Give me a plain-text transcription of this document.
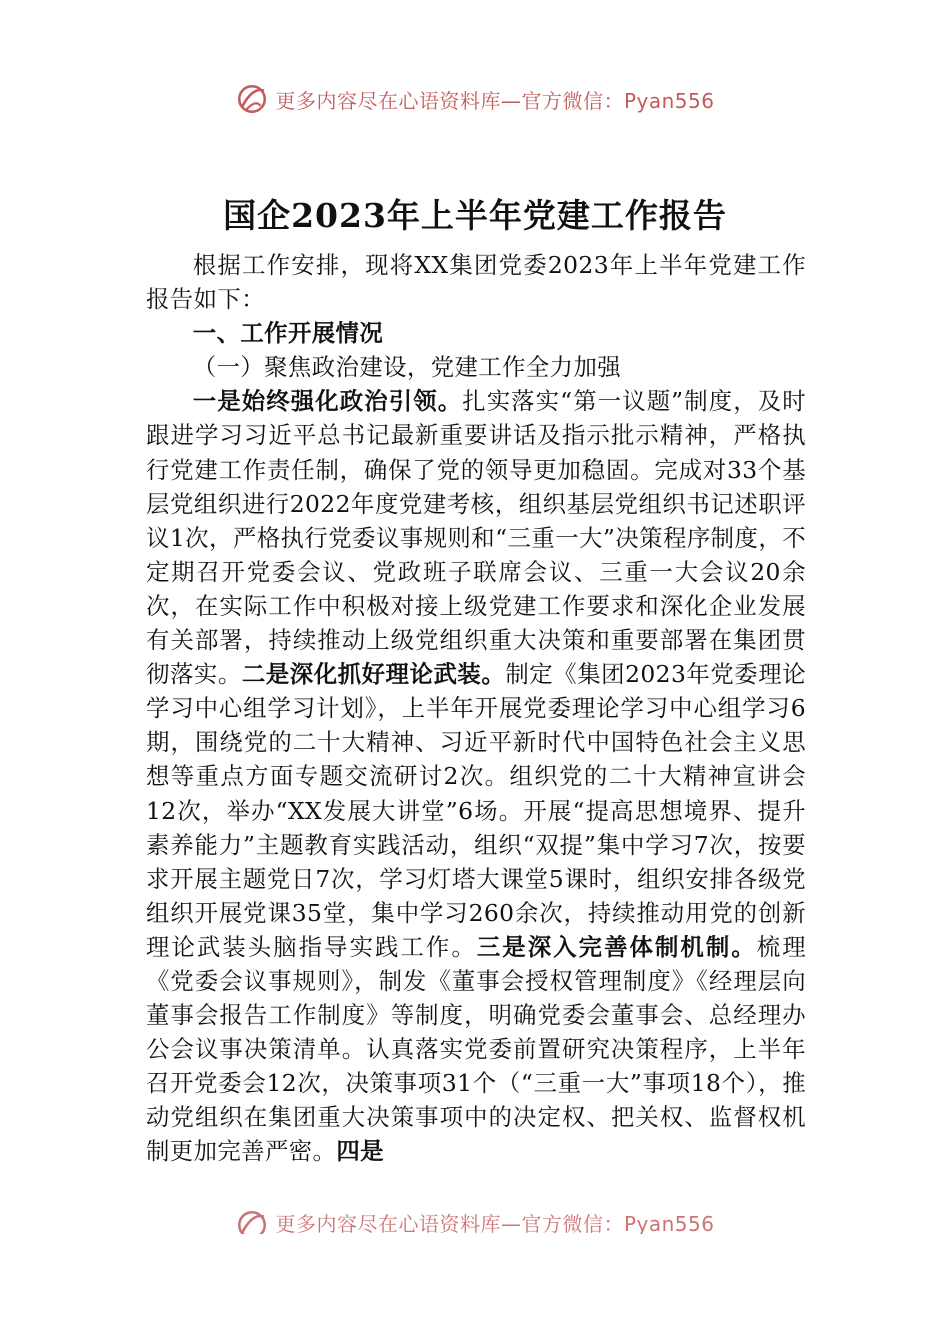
更多内容尽在心语资料库—官方微信：Pyan556
国企2023年上半年党建工作报告

根据工作安排，现将XX集团党委2023年上半年党建工作报告如下：

一、工作开展情况

（一）聚焦政治建设，党建工作全力加强

一是始终强化政治引领。扎实落实“第一议题”制度，及时跟进学习习近平总书记最新重要讲话及指示批示精神，严格执行党建工作责任制，确保了党的领导更加稳固。完成对33个基层党组织进行2022年度党建考核，组织基层党组织书记述职评议1次，严格执行党委议事规则和“三重一大”决策程序制度，不定期召开党委会议、党政班子联席会议、三重一大会议20余次，在实际工作中积极对接上级党建工作要求和深化企业发展有关部署，持续推动上级党组织重大决策和重要部署在集团贯彻落实。二是深化抓好理论武装。制定《集团2023年党委理论学习中心组学习计划》，上半年开展党委理论学习中心组学习6期，围绕党的二十大精神、习近平新时代中国特色社会主义思想等重点方面专题交流研讨2次。组织党的二十大精神宣讲会12次，举办“XX发展大讲堂”6场。开展“提高思想境界、提升素养能力”主题教育实践活动，组织“双提”集中学习7次，按要求开展主题党日7次，学习灯塔大课堂5课时，组织安排各级党组织开展党课35堂，集中学习260余次，持续推动用党的创新理论武装头脑指导实践工作。三是深入完善体制机制。梳理《党委会议事规则》，制发《董事会授权管理制度》《经理层向董事会报告工作制度》等制度，明确党委会董事会、总经理办公会议事决策清单。认真落实党委前置研究决策程序，上半年召开党委会12次，决策事项31个（“三重一大”事项18个），推动党组织在集团重大决策事项中的决定权、把关权、监督权机制更加完善严密。四是

更多内容尽在心语资料库—官方微信：Pyan556
